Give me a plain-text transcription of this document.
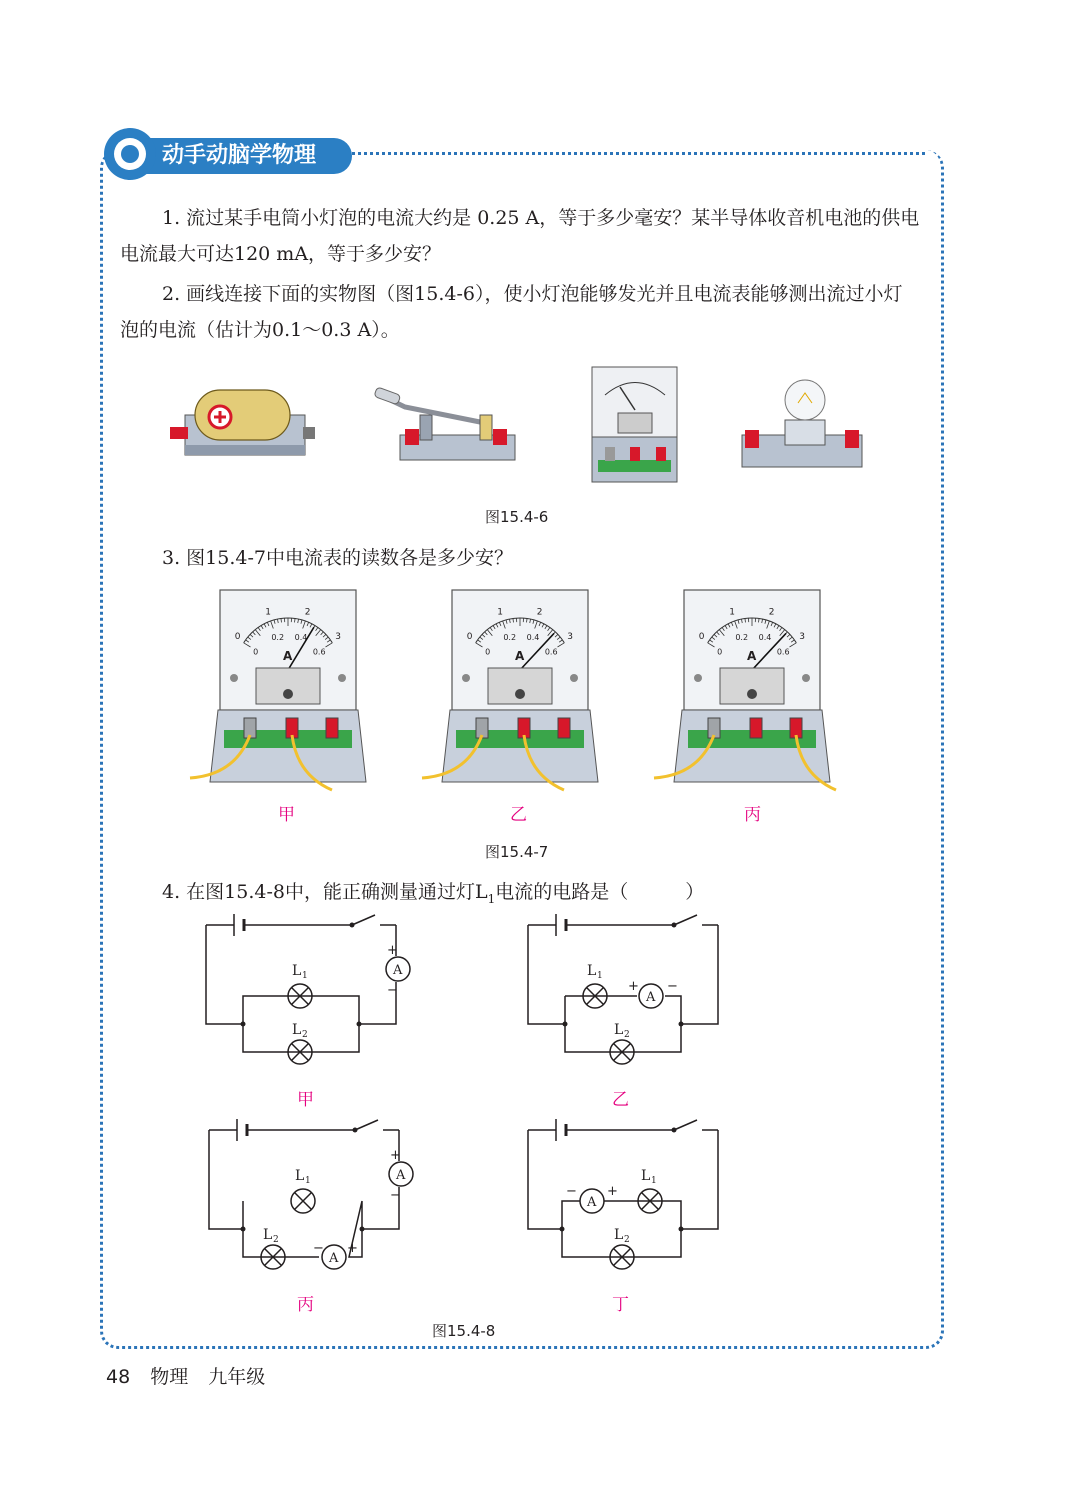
动手动脑学物理
1. 流过某手电筒小灯泡的电流大约是 0.25 A，等于多少毫安？某半导体收音机电池的供电电流最大可达120 mA，等于多少安？
2. 画线连接下面的实物图（图15.4-6），使小灯泡能够发光并且电流表能够测出流过小灯泡的电流（估计为0.1～0.3 A）。
图15.4-6
3. 图15.4-7中电流表的读数各是多少安？
0
1	2
3
0
0.2 0.4
0.6
A
0
1	2
3
0
0.2 0.4
0.6
A
0
1	2
3
0
0.2 0.4
0.6
A
甲	乙	丙
图15.4-7
4. 在图15.4-8中，能正确测量通过灯$L_1$电流的电路是（　　　）
A
L 1
L 2
+
−	A
L 1
L 2
+ −
A
A
L 1
L 2
+
−
− +
A
L 1
L 2
− +
甲	乙
丙	丁
图15.4-8
48 物理 九年级
